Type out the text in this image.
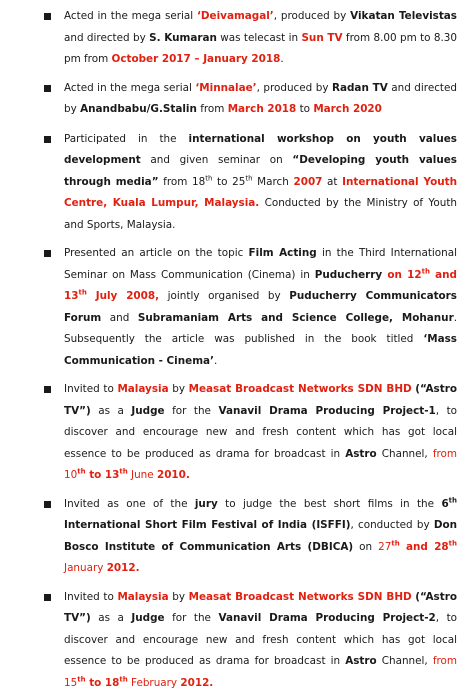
Acted in the mega serial ‘Deivamagal’, produced by Vikatan Televistas and directed by S. Kumaran was telecast in Sun TV from 8.00 pm to 8.30 pm from October 2017 – January 2018.
Acted in the mega serial ‘Minnalae’, produced by Radan TV and directed by Anandbabu/G.Stalin from March 2018 to March 2020
Participated in the international workshop on youth values development and given seminar on “Developing youth values through media” from 18th to 25th March 2007 at International Youth Centre, Kuala Lumpur, Malaysia. Conducted by the Ministry of Youth and Sports, Malaysia.
Presented an article on the topic Film Acting in the Third International Seminar on Mass Communication (Cinema) in Puducherry on 12th and 13th July 2008, jointly organised by Puducherry Communicators Forum and Subramaniam Arts and Science College, Mohanur. Subsequently the article was published in the book titled ‘Mass Communication - Cinema’.
Invited to Malaysia by Measat Broadcast Networks SDN BHD (“Astro TV”) as a Judge for the Vanavil Drama Producing Project-1, to discover and encourage new and fresh content which has got local essence to be produced as drama for broadcast in Astro Channel, from 10th to 13th June 2010.
Invited as one of the jury to judge the best short films in the 6th International Short Film Festival of India (ISFFI), conducted by Don Bosco Institute of Communication Arts (DBICA) on 27th and 28th January 2012.
Invited to Malaysia by Measat Broadcast Networks SDN BHD (“Astro TV”) as a Judge for the Vanavil Drama Producing Project-2, to discover and encourage new and fresh content which has got local essence to be produced as drama for broadcast in Astro Channel, from 15th to 18th February 2012.
